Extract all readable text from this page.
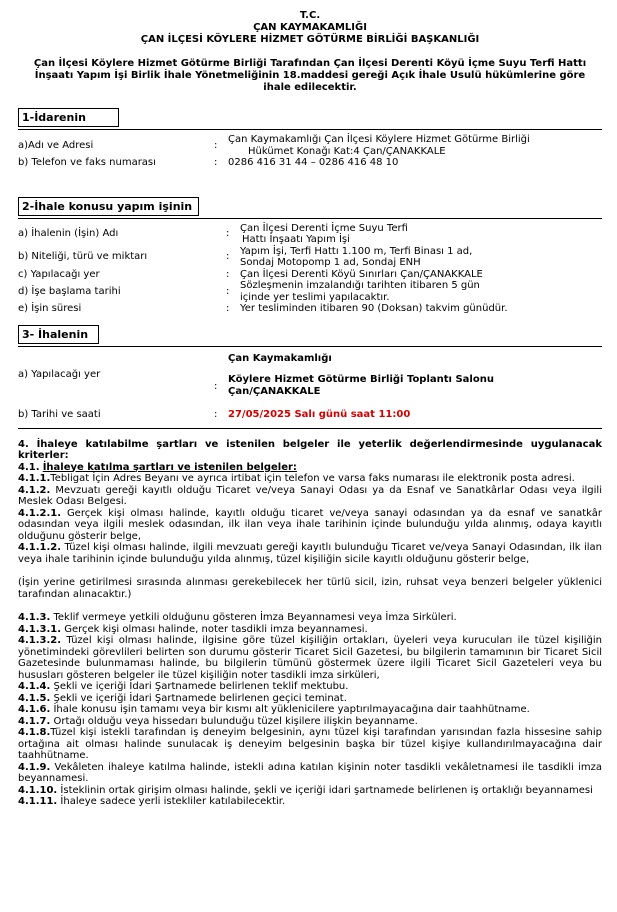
T.C.
ÇAN KAYMAKAMLIĞI
ÇAN İLÇESİ KÖYLERE HİZMET GÖTÜRME BİRLİĞİ BAŞKANLIĞI
Çan İlçesi Köylere Hizmet Götürme Birliği Tarafından Çan İlçesi Derenti Köyü İçme Suyu Terfi Hattı İnşaatı Yapım İşi Birlik İhale Yönetmeliğinin 18.maddesi gereği Açık İhale Usulü hükümlerine göre ihale edilecektir.
1-İdarenin
a)Adı ve Adresi	:	Çan Kaymakamlığı Çan İlçesi Köylere Hizmet Götürme Birliği
Hükümet Konağı Kat:4 Çan/ÇANAKKALE

b) Telefon ve faks numarası	:	0286 416 31 44 – 0286 416 48 10
2-İhale konusu yapım işinin
a) İhalenin (İşin) Adı	:	Çan İlçesi Derenti İçme Suyu Terfi
Hattı İnşaatı Yapım İşi

b) Niteliği, türü ve miktarı	:	Yapım İşi, Terfi Hattı 1.100 m, Terfi Binası 1 ad,
Sondaj Motopomp 1 ad, Sondaj ENH

c) Yapılacağı yer	:	Çan İlçesi Derenti Köyü Sınırları Çan/ÇANAKKALE
d) İşe başlama tarihi	:	Sözleşmenin imzalandığı tarihten itibaren 5 gün
içinde yer teslimi yapılacaktır.

e) İşin süresi	:	Yer tesliminden itibaren 90 (Doksan) takvim günüdür.
3- İhalenin
a) Yapılacağı yer	:	Çan Kaymakamlığı
Köylere Hizmet Götürme Birliği Toplantı Salonu
Çan/ÇANAKKALE

b) Tarihi ve saati	:	27/05/2025 Salı günü saat 11:00

4. İhaleye katılabilme şartları ve istenilen belgeler ile yeterlik değerlendirmesinde uygulanacak kriterler:

4.1. İhaleye katılma şartları ve istenilen belgeler:

4.1.1.Tebligat İçin Adres Beyanı ve ayrıca irtibat için telefon ve varsa faks numarası ile elektronik posta adresi.

4.1.2. Mevzuatı gereği kayıtlı olduğu Ticaret ve/veya Sanayi Odası ya da Esnaf ve Sanatkârlar Odası veya ilgili Meslek Odası Belgesi.

4.1.2.1. Gerçek kişi olması halinde, kayıtlı olduğu ticaret ve/veya sanayi odasından ya da esnaf ve sanatkâr odasından veya ilgili meslek odasından, ilk ilan veya ihale tarihinin içinde bulunduğu yılda alınmış, odaya kayıtlı olduğunu gösterir belge,

4.1.1.2. Tüzel kişi olması halinde, ilgili mevzuatı gereği kayıtlı bulunduğu Ticaret ve/veya Sanayi Odasından, ilk ilan veya ihale tarihinin içinde bulunduğu yılda alınmış, tüzel kişiliğin sicile kayıtlı olduğunu gösterir belge,

(İşin yerine getirilmesi sırasında alınması gerekebilecek her türlü sicil, izin, ruhsat veya benzeri belgeler yüklenici tarafından alınacaktır.)

4.1.3. Teklif vermeye yetkili olduğunu gösteren İmza Beyannamesi veya İmza Sirküleri.

4.1.3.1. Gerçek kişi olması halinde, noter tasdikli imza beyannamesi.

4.1.3.2. Tüzel kişi olması halinde, ilgisine göre tüzel kişiliğin ortakları, üyeleri veya kurucuları ile tüzel kişiliğin yönetimindeki görevlileri belirten son durumu gösterir Ticaret Sicil Gazetesi, bu bilgilerin tamamının bir Ticaret Sicil Gazetesinde bulunmaması halinde, bu bilgilerin tümünü göstermek üzere ilgili Ticaret Sicil Gazeteleri veya bu hususları gösteren belgeler ile tüzel kişiliğin noter tasdikli imza sirküleri,

4.1.4. Şekli ve içeriği İdari Şartnamede belirlenen teklif mektubu.

4.1.5. Şekli ve içeriği İdari Şartnamede belirlenen geçici teminat.

4.1.6. İhale konusu işin tamamı veya bir kısmı alt yüklenicilere yaptırılmayacağına dair taahhütname.

4.1.7. Ortağı olduğu veya hissedarı bulunduğu tüzel kişilere ilişkin beyanname.

4.1.8.Tüzel kişi istekli tarafından iş deneyim belgesinin, aynı tüzel kişi tarafından yarısından fazla hissesine sahip ortağına ait olması halinde sunulacak iş deneyim belgesinin başka bir tüzel kişiye kullandırılmayacağına dair taahhütname.

4.1.9. Vekâleten ihaleye katılma halinde, istekli adına katılan kişinin noter tasdikli vekâletnamesi ile tasdikli imza beyannamesi.

4.1.10. İsteklinin ortak girişim olması halinde, şekli ve içeriği idari şartnamede belirlenen iş ortaklığı beyannamesi

4.1.11. İhaleye sadece yerli istekliler katılabilecektir.
